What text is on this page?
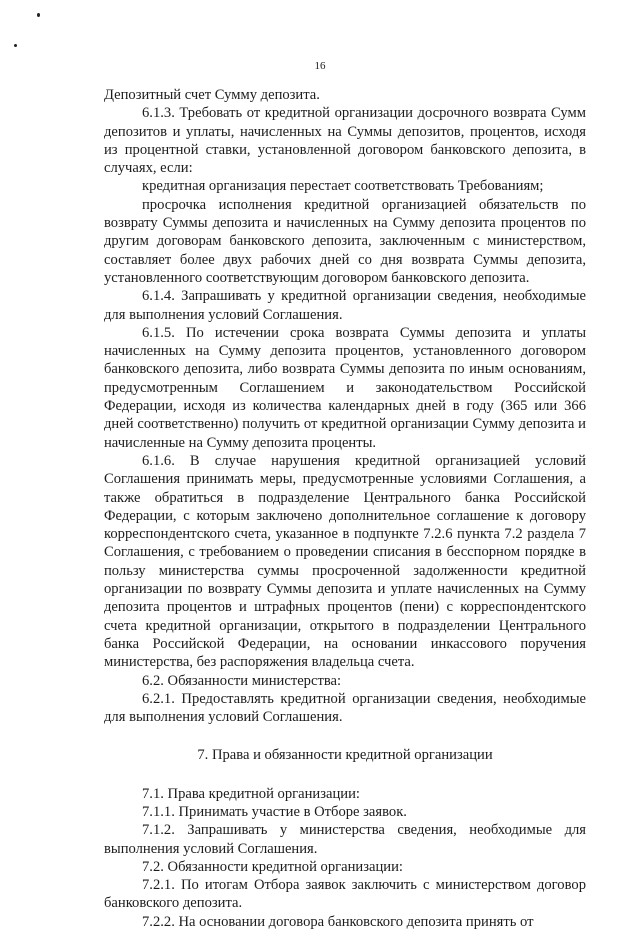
16

Депозитный счет Сумму депозита.

6.1.3. Требовать от кредитной организации досрочного возврата Сумм депозитов и уплаты, начисленных на Суммы депозитов, процентов, исходя из процентной ставки, установленной договором банковского депозита, в случаях, если:

кредитная организация перестает соответствовать Требованиям;

просрочка исполнения кредитной организацией обязательств по возврату Суммы депозита и начисленных на Сумму депозита процентов по другим договорам банковского депозита, заключенным с министерством, составляет более двух рабочих дней со дня возврата Суммы депозита, установленного соответствующим договором банковского депозита.

6.1.4. Запрашивать у кредитной организации сведения, необходимые для выполнения условий Соглашения.

6.1.5. По истечении срока возврата Суммы депозита и уплаты начисленных на Сумму депозита процентов, установленного договором банковского депозита, либо возврата Суммы депозита по иным основаниям, предусмотренным Соглашением и законодательством Российской Федерации, исходя из количества календарных дней в году (365 или 366 дней соответственно) получить от кредитной организации Сумму депозита и начисленные на Сумму депозита проценты.

6.1.6. В случае нарушения кредитной организацией условий Соглашения принимать меры, предусмотренные условиями Соглашения, а также обратиться в подразделение Центрального банка Российской Федерации, с которым заключено дополнительное соглашение к договору корреспондентского счета, указанное в подпункте 7.2.6 пункта 7.2 раздела 7 Соглашения, с требованием о проведении списания в бесспорном порядке в пользу министерства суммы просроченной задолженности кредитной организации по возврату Суммы депозита и уплате начисленных на Сумму депозита процентов и штрафных процентов (пени) с корреспондентского счета кредитной организации, открытого в подразделении Центрального банка Российской Федерации, на основании инкассового поручения министерства, без распоряжения владельца счета.

6.2. Обязанности министерства:

6.2.1. Предоставлять кредитной организации сведения, необходимые для выполнения условий Соглашения.

7. Права и обязанности кредитной организации

7.1. Права кредитной организации:

7.1.1. Принимать участие в Отборе заявок.

7.1.2. Запрашивать у министерства сведения, необходимые для выполнения условий Соглашения.

7.2. Обязанности кредитной организации:

7.2.1. По итогам Отбора заявок заключить с министерством договор банковского депозита.

7.2.2. На основании договора банковского депозита принять от
